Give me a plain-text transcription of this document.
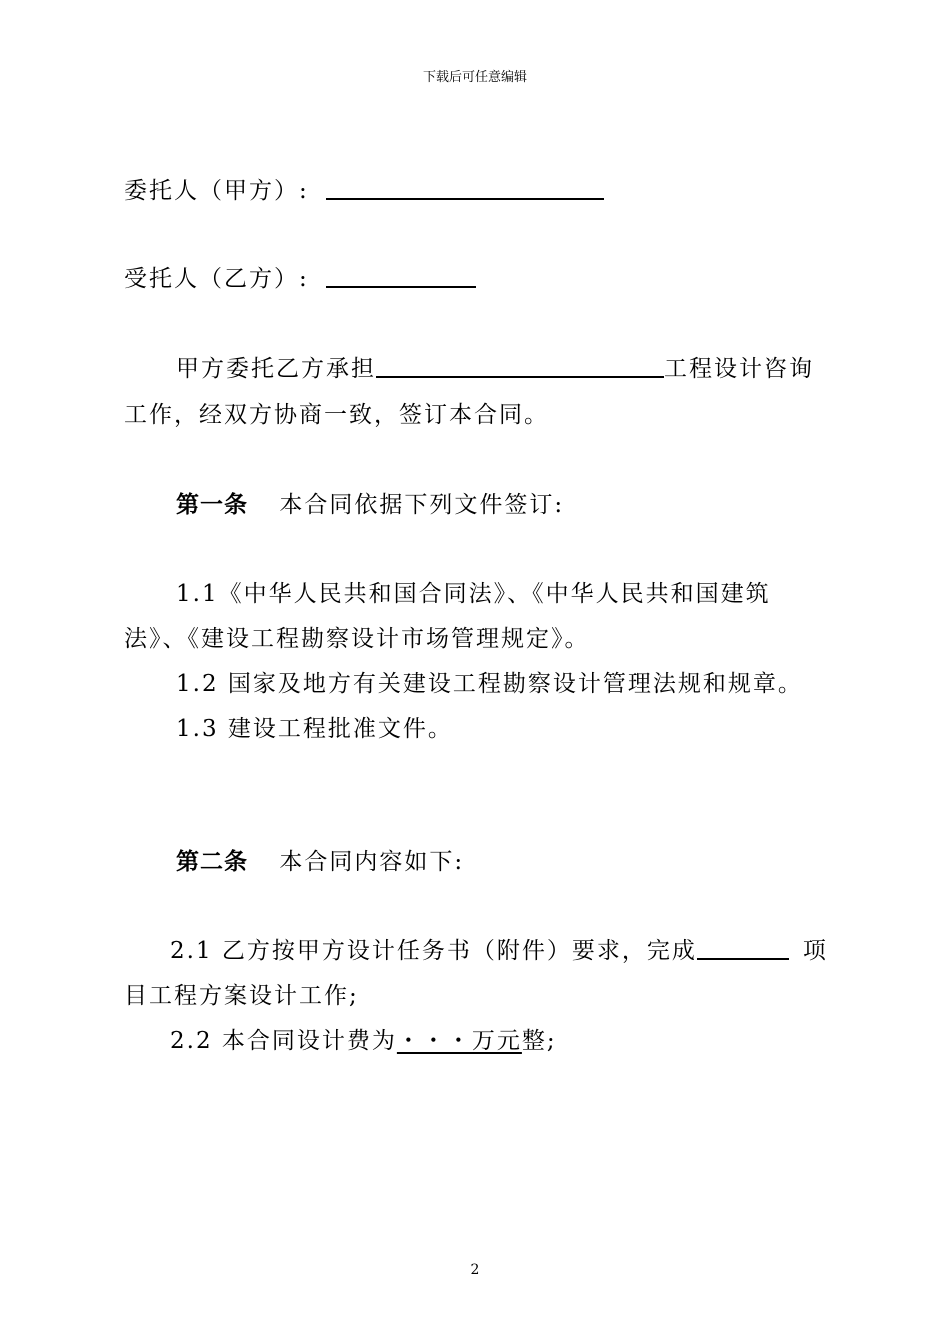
下载后可任意编辑
委托人（甲方）:
受托人（乙方）:
甲方委托乙方承担	工程设计咨询
工作，经双方协商一致，签订本合同。
第一条 本合同依据下列文件签订:
1.1《中华人民共和国合同法》、《中华人民共和国建筑
法》、《建设工程勘察设计市场管理规定》。
1.2 国家及地方有关建设工程勘察设计管理法规和规章。
1.3 建设工程批准文件。
第二条 本合同内容如下:
2.1 乙方按甲方设计任务书（附件）要求，完成	项
目工程方案设计工作;
2.2 本合同设计费为・・・万元整;
2
